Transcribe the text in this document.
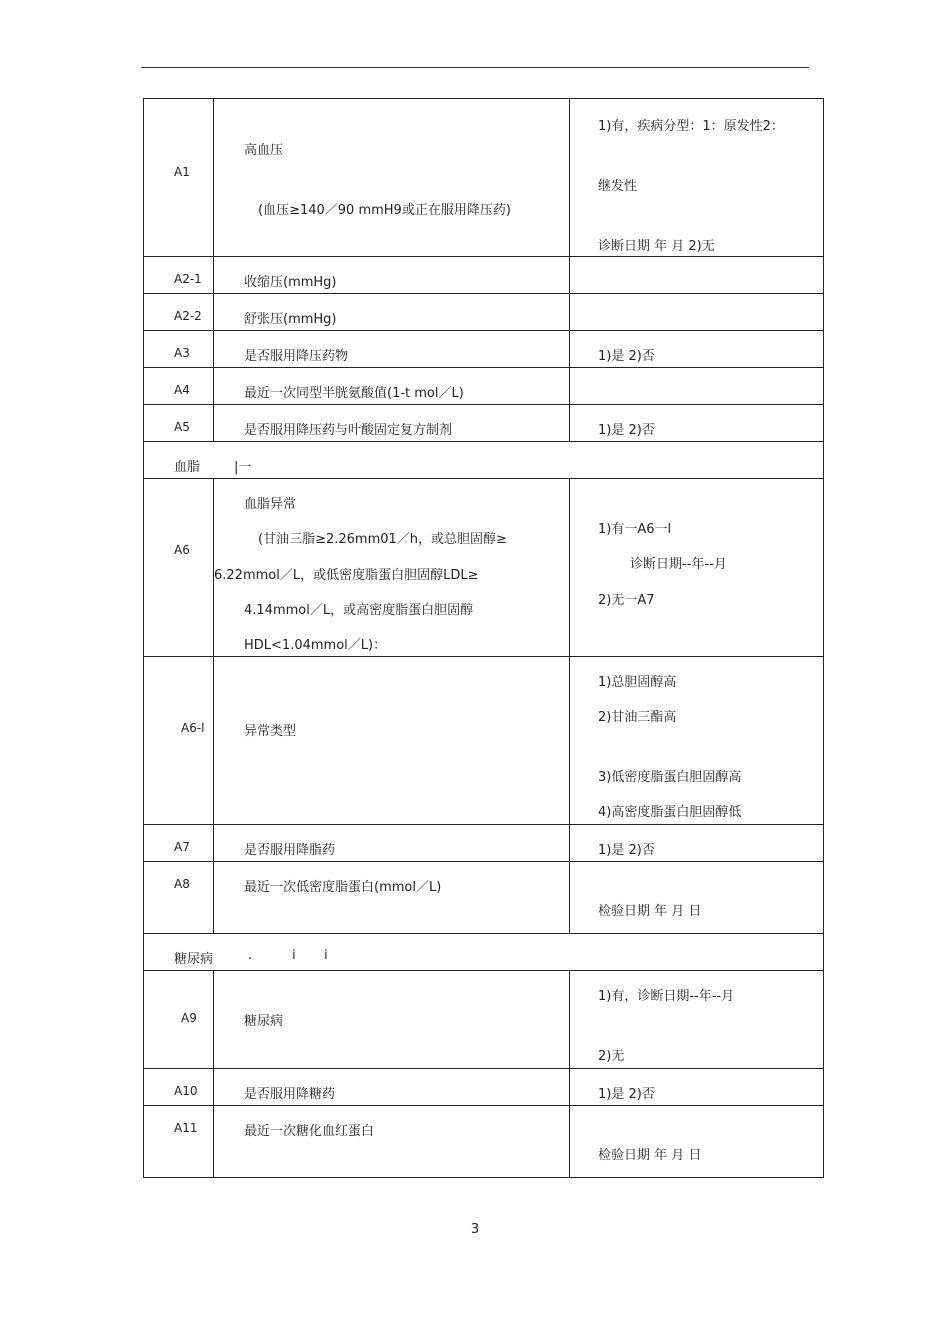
A1	高血压
(血压≥140／90 mmH9或正在服用降压药)	1)有，疾病分型：1：原发性2：
继发性
诊断日期 年 月 2)无

A2-1	收缩压(mmHg)	

A2-2	舒张压(mmHg)	

A3	是否服用降压药物	1)是 2)否

A4	最近一次同型半胱氨酸值(1-t mol／L)	

A5	是否服用降压药与叶酸固定复方制剂	1)是 2)否

血脂 |一		

A6	血脂异常
(甘油三脂≥2.26mm01／h，或总胆固醇≥
6.22mmol／L，或低密度脂蛋白胆固醇LDL≥
4.14mmol／L，或高密度脂蛋白胆固醇
HDL<1.04mmol／L)：	1)有一A6一l
诊断日期--年--月
2)无一A7

A6-l	异常类型	1)总胆固醇高
2)甘油三酯高
3)低密度脂蛋白胆固醇高
4)高密度脂蛋白胆固醇低

A7	是否服用降脂药	1)是 2)否

A8	最近一次低密度脂蛋白(mmol／L)	检验日期 年 月 日

糖尿病 . i i		

A9	糖尿病	1)有，诊断日期--年--月
2)无

A10	是否服用降糖药	1)是 2)否

A11	最近一次糖化血红蛋白	检验日期 年 月 日
3
